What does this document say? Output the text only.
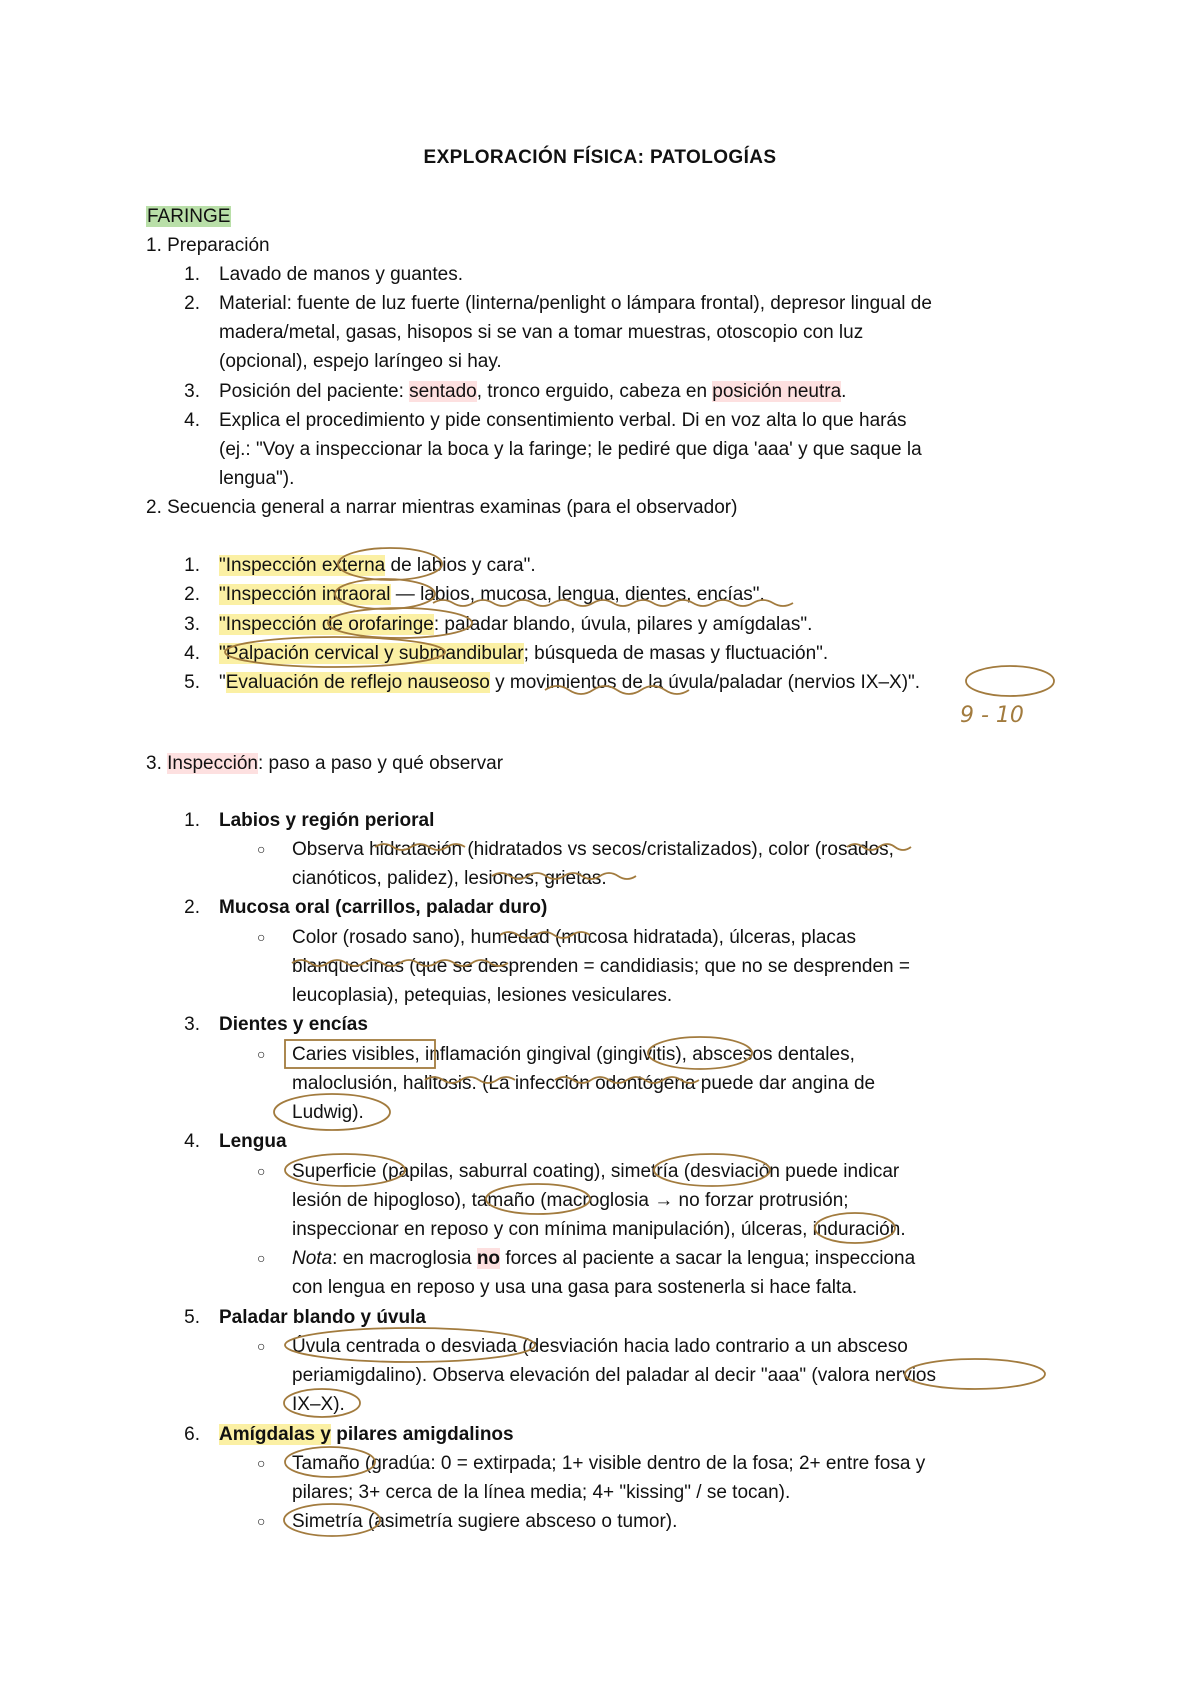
EXPLORACIÓN FÍSICA: PATOLOGÍAS
FARINGE
1. Preparación
1. Lavado de manos y guantes.
2. Material: fuente de luz fuerte (linterna/penlight o lámpara frontal), depresor lingual de
madera/metal, gasas, hisopos si se van a tomar muestras, otoscopio con luz
(opcional), espejo laríngeo si hay.
3. Posición del paciente: sentado, tronco erguido, cabeza en posición neutra.
4. Explica el procedimiento y pide consentimiento verbal. Di en voz alta lo que harás
(ej.: "Voy a inspeccionar la boca y la faringe; le pediré que diga 'aaa' y que saque la
lengua").
2. Secuencia general a narrar mientras examinas (para el observador)
1. "Inspección externa de labios y cara".
2. "Inspección intraoral — labios, mucosa, lengua, dientes, encías".
3. "Inspección de orofaringe: paladar blando, úvula, pilares y amígdalas".
4. "Palpación cervical y submandibular; búsqueda de masas y fluctuación".
5. "Evaluación de reflejo nauseoso y movimientos de la úvula/paladar (nervios IX–X)".
3. Inspección: paso a paso y qué observar
1. Labios y región perioral
○ Observa hidratación (hidratados vs secos/cristalizados), color (rosados,
cianóticos, palidez), lesiones, grietas.
2. Mucosa oral (carrillos, paladar duro)
○ Color (rosado sano), humedad (mucosa hidratada), úlceras, placas
blanquecinas (que se desprenden = candidiasis; que no se desprenden =
leucoplasia), petequias, lesiones vesiculares.
3. Dientes y encías
○ Caries visibles, inflamación gingival (gingivitis), abscesos dentales,
maloclusión, halitosis. (La infección odontógena puede dar angina de
Ludwig).
4. Lengua
○ Superficie (papilas, saburral coating), simetría (desviación puede indicar
lesión de hipogloso), tamaño (macroglosia → no forzar protrusión;
inspeccionar en reposo y con mínima manipulación), úlceras, induración.
○ Nota: en macroglosia no forces al paciente a sacar la lengua; inspecciona
con lengua en reposo y usa una gasa para sostenerla si hace falta.
5. Paladar blando y úvula
○ Úvula centrada o desviada (desviación hacia lado contrario a un absceso
periamigdalino). Observa elevación del paladar al decir "aaa" (valora nervios
IX–X).
6. Amígdalas y pilares amigdalinos
○ Tamaño (gradúa: 0 = extirpada; 1+ visible dentro de la fosa; 2+ entre fosa y
pilares; 3+ cerca de la línea media; 4+ "kissing" / se tocan).
○ Simetría (asimetría sugiere absceso o tumor).
9 - 10
